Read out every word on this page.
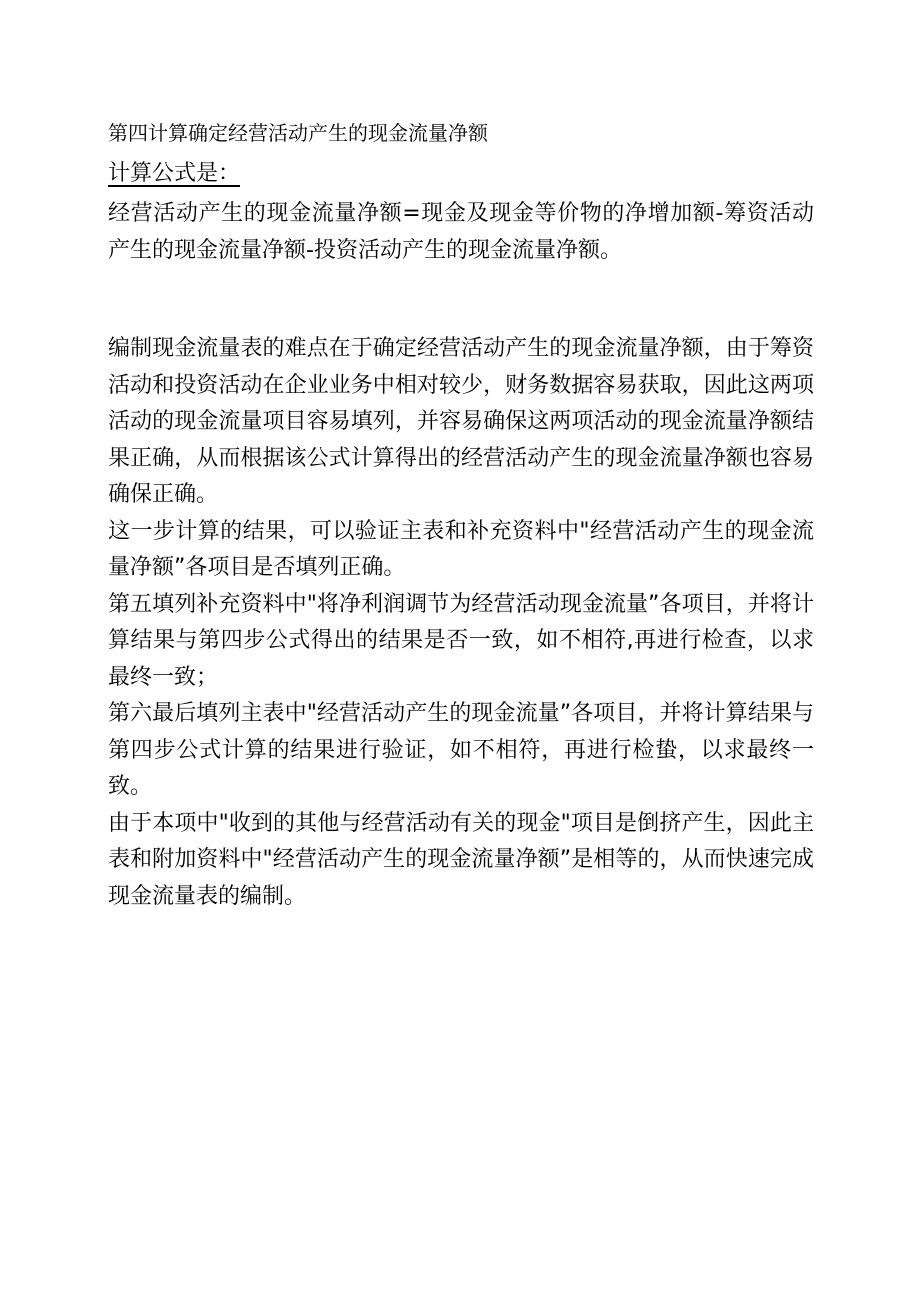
第四计算确定经营活动产生的现金流量净额

计算公式是：

经营活动产生的现金流量净额=现金及现金等价物的净增加额-筹资活动产生的现金流量净额-投资活动产生的现金流量净额。

编制现金流量表的难点在于确定经营活动产生的现金流量净额，由于筹资活动和投资活动在企业业务中相对较少，财务数据容易获取，因此这两项活动的现金流量项目容易填列，并容易确保这两项活动的现金流量净额结果正确，从而根据该公式计算得出的经营活动产生的现金流量净额也容易确保正确。

这一步计算的结果，可以验证主表和补充资料中"经营活动产生的现金流量净额”各项目是否填列正确。

第五填列补充资料中"将净利润调节为经营活动现金流量”各项目，并将计算结果与第四步公式得出的结果是否一致，如不相符,再进行检查，以求最终一致；

第六最后填列主表中"经营活动产生的现金流量”各项目，并将计算结果与第四步公式计算的结果进行验证，如不相符，再进行检蛰，以求最终一致。

由于本项中"收到的其他与经营活动有关的现金"项目是倒挤产生，因此主表和附加资料中"经营活动产生的现金流量净额”是相等的，从而快速完成现金流量表的编制。
